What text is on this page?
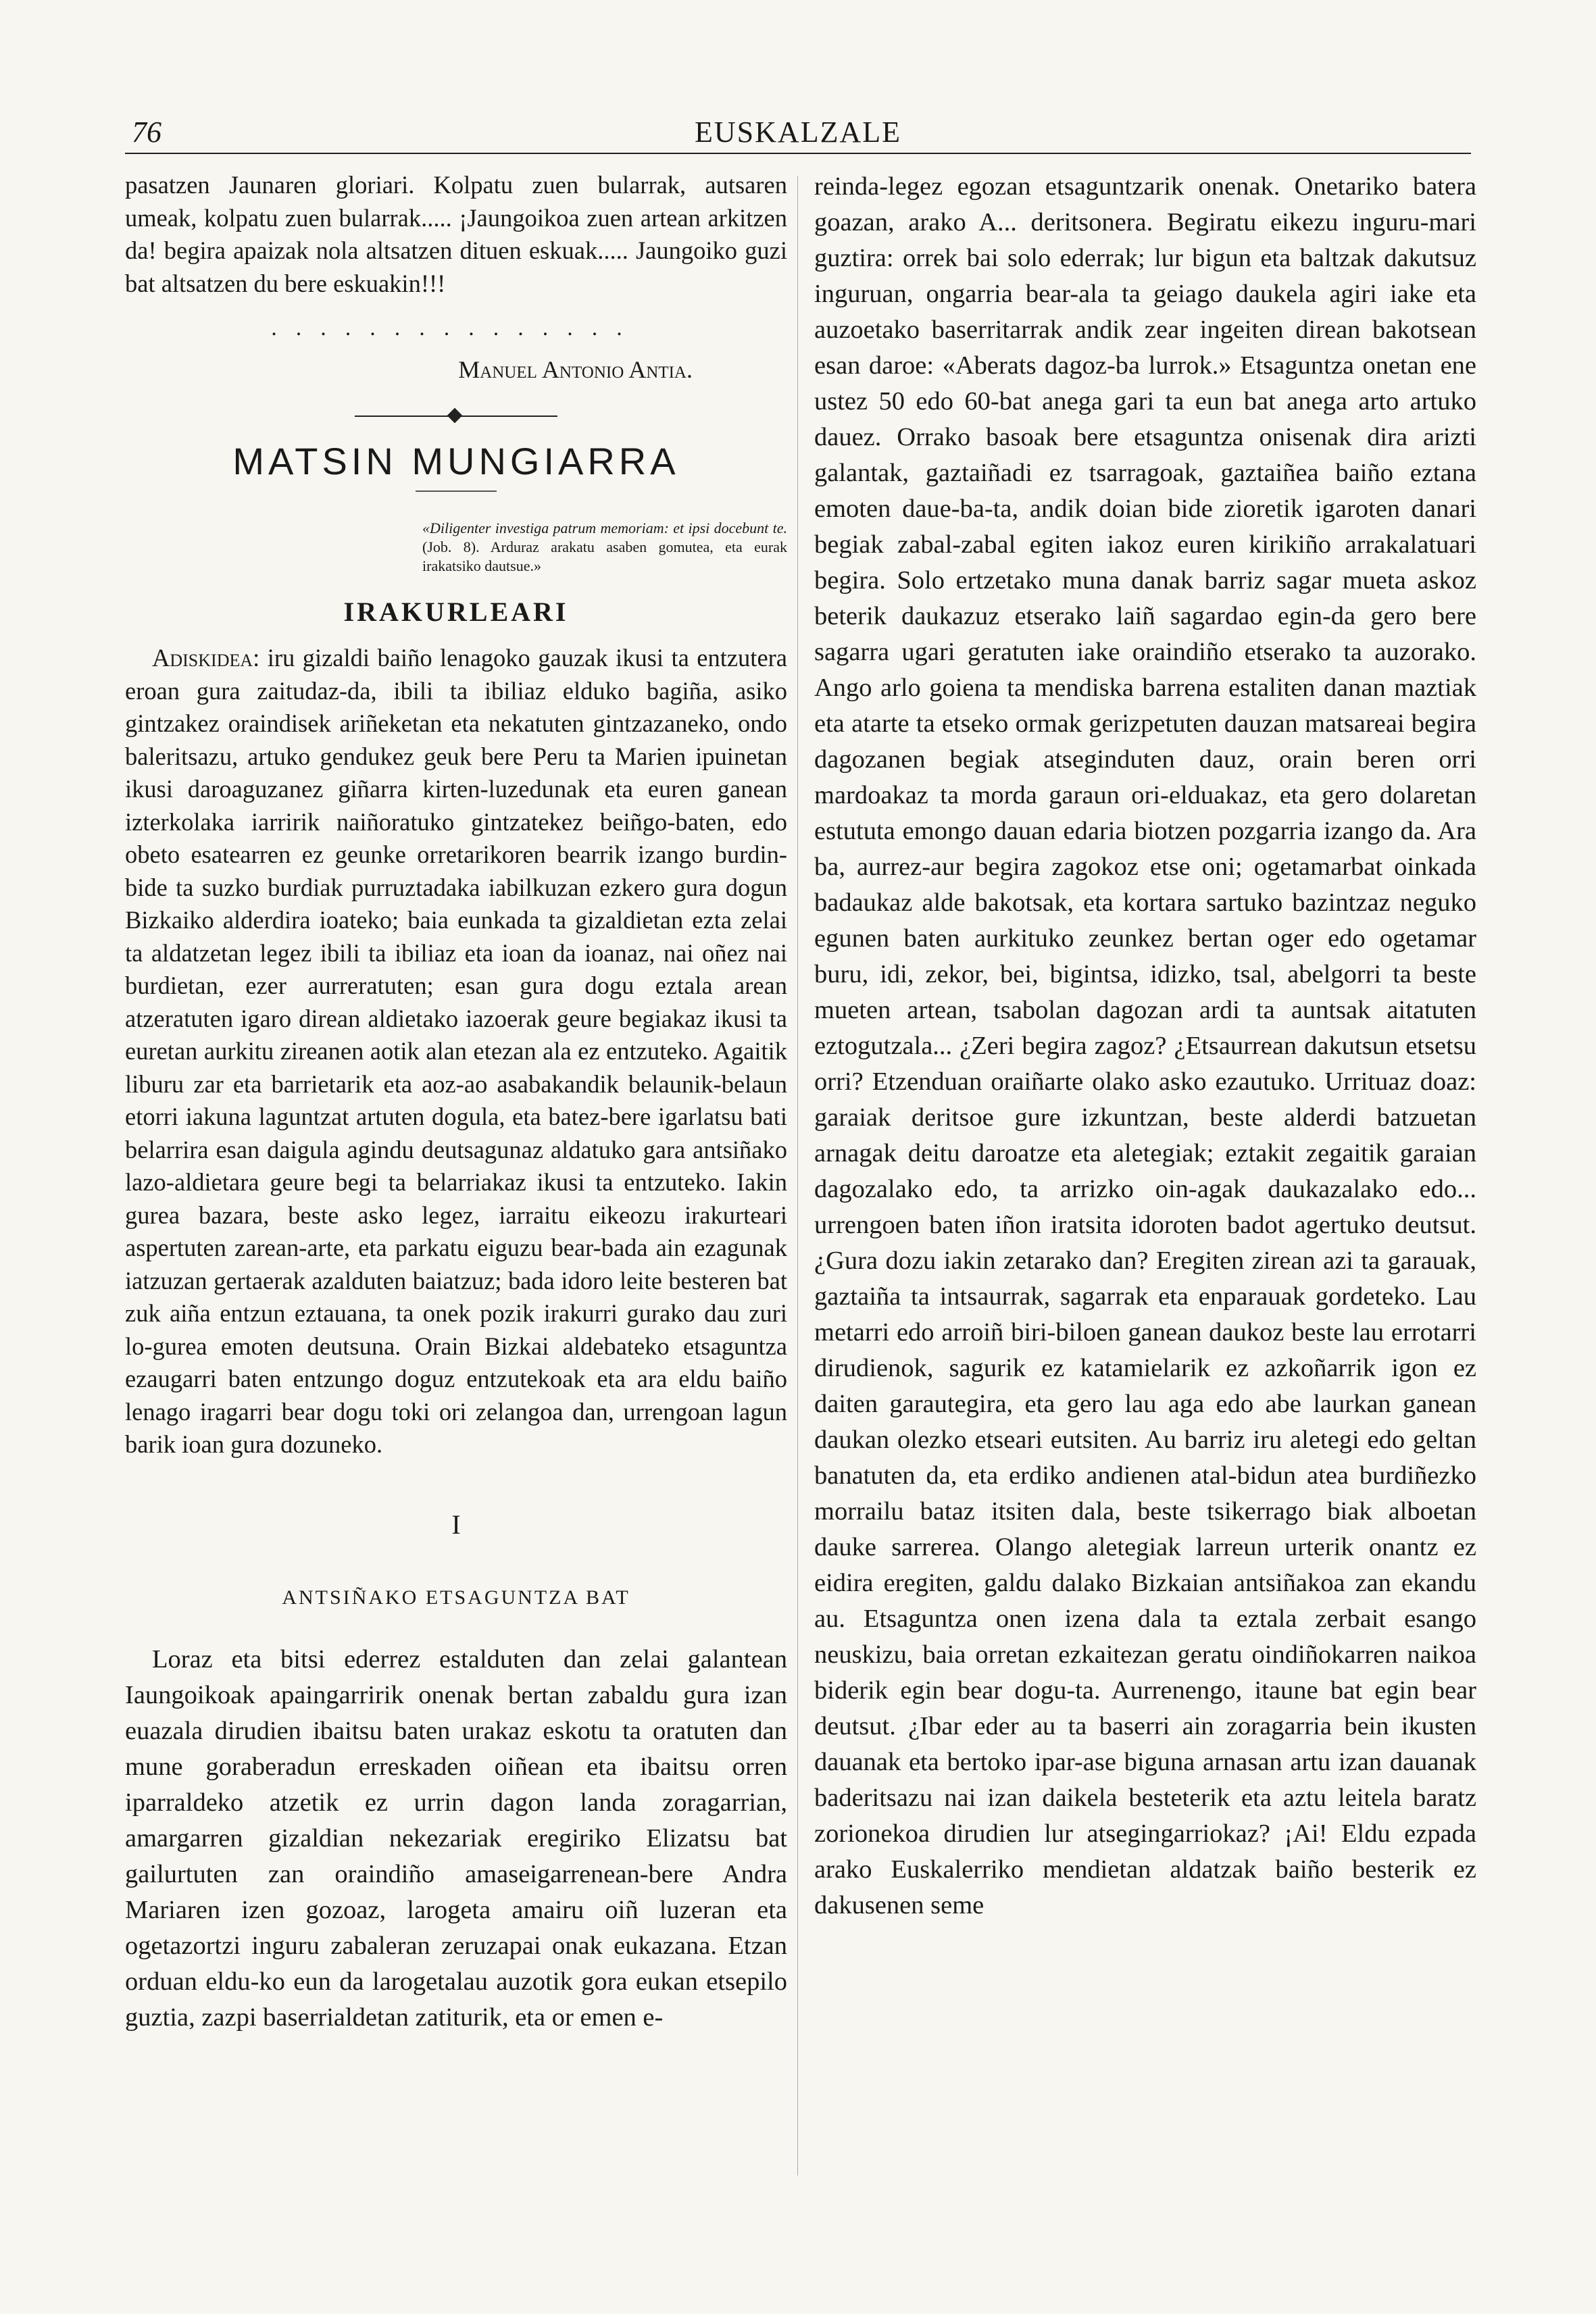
76	EUSKALZALE

pasatzen Jaunaren gloriari. Kolpatu zuen bularrak, autsaren umeak, kolpatu zuen bularrak..... ¡Jaungoikoa zuen artean arkitzen da! begira apaizak nola altsatzen dituen eskuak..... Jaungoiko guzi bat altsatzen du bere eskuakin!!!

...............
Manuel Antonio Antia.
MATSIN MUNGIARRA
«Diligenter investiga patrum memoriam: et ipsi docebunt te. (Job. 8). Arduraz arakatu asaben gomutea, eta eurak irakatsiko dautsue.»
IRAKURLEARI

Adiskidea: iru gizaldi baiño lenagoko gauzak ikusi ta entzutera eroan gura zaitudaz-da, ibili ta ibiliaz elduko bagiña, asiko gintzakez oraindisek ariñeketan eta nekatuten gintzazaneko, ondo baleritsazu, artuko gendukez geuk bere Peru ta Marien ipuinetan ikusi daroaguzanez giñarra kirten-luzedunak eta euren ganean izterkolaka iarririk naiñoratuko gintzatekez beiñgo-baten, edo obeto esatearren ez geunke orretarikoren bearrik izango burdin-bide ta suzko burdiak purruztadaka iabilkuzan ezkero gura dogun Bizkaiko alderdira ioateko; baia eunkada ta gizaldietan ezta zelai ta aldatzetan legez ibili ta ibiliaz eta ioan da ioanaz, nai oñez nai burdietan, ezer aurreratuten; esan gura dogu eztala arean atzeratuten igaro direan aldietako iazoerak geure begiakaz ikusi ta euretan aurkitu zireanen aotik alan etezan ala ez entzuteko. Agaitik liburu zar eta barrietarik eta aoz-ao asabakandik belaunik-belaun etorri iakuna laguntzat artuten dogula, eta batez-bere igarlatsu bati belarrira esan daigula agindu deutsagunaz aldatuko gara antsiñako lazo-aldietara geure begi ta belarriakaz ikusi ta entzuteko. Iakin gurea bazara, beste asko legez, iarraitu eikeozu irakurteari aspertuten zarean-arte, eta parkatu eiguzu bear-bada ain ezagunak iatzuzan gertaerak azalduten baiatzuz; bada idoro leite besteren bat zuk aiña entzun eztauana, ta onek pozik irakurri gurako dau zuri lo-gurea emoten deutsuna. Orain Bizkai aldebateko etsaguntza ezaugarri baten entzungo doguz entzutekoak eta ara eldu baiño lenago iragarri bear dogu toki ori zelangoa dan, urrengoan lagun barik ioan gura dozuneko.

I
ANTSIÑAKO ETSAGUNTZA BAT

Loraz eta bitsi ederrez estalduten dan zelai galantean Iaungoikoak apaingarririk onenak bertan zabaldu gura izan euazala dirudien ibaitsu baten urakaz eskotu ta oratuten dan mune goraberadun erreskaden oiñean eta ibaitsu orren iparraldeko atzetik ez urrin dagon landa zoragarrian, amargarren gizaldian nekezariak eregiriko Elizatsu bat gailurtuten zan oraindiño amaseigarrenean-bere Andra Mariaren izen gozoaz, larogeta amairu oiñ luzeran eta ogetazortzi inguru zabaleran zeruzapai onak eukazana. Etzan orduan eldu-ko eun da larogetalau auzotik gora eukan etsepilo guztia, zazpi baserrialdetan zatiturik, eta or emen e-

reinda-legez egozan etsaguntzarik onenak. Onetariko batera goazan, arako A... deritsonera. Begiratu eikezu inguru-mari guztira: orrek bai solo ederrak; lur bigun eta baltzak dakutsuz inguruan, ongarria bear-ala ta geiago daukela agiri iake eta auzoetako baserritarrak andik zear ingeiten direan bakotsean esan daroe: «Aberats dagoz-ba lurrok.» Etsaguntza onetan ene ustez 50 edo 60-bat anega gari ta eun bat anega arto artuko dauez. Orrako basoak bere etsaguntza onisenak dira arizti galantak, gaztaiñadi ez tsarragoak, gaztaiñea baiño eztana emoten daue-ba-ta, andik doian bide zioretik igaroten danari begiak zabal-zabal egiten iakoz euren kirikiño arrakalatuari begira. Solo ertzetako muna danak barriz sagar mueta askoz beterik daukazuz etserako laiñ sagardao egin-da gero bere sagarra ugari geratuten iake oraindiño etserako ta auzorako. Ango arlo goiena ta mendiska barrena estaliten danan maztiak eta atarte ta etseko ormak gerizpetuten dauzan matsareai begira dagozanen begiak atseginduten dauz, orain beren orri mardoakaz ta morda garaun ori-elduakaz, eta gero dolaretan estututa emongo dauan edaria biotzen pozgarria izango da. Ara ba, aurrez-aur begira zagokoz etse oni; ogetamarbat oinkada badaukaz alde bakotsak, eta kortara sartuko bazintzaz neguko egunen baten aurkituko zeunkez bertan oger edo ogetamar buru, idi, zekor, bei, bigintsa, idizko, tsal, abelgorri ta beste mueten artean, tsabolan dagozan ardi ta auntsak aitatuten eztogutzala... ¿Zeri begira zagoz? ¿Etsaurrean dakutsun etsetsu orri? Etzenduan oraiñarte olako asko ezautuko. Urrituaz doaz: garaiak deritsoe gure izkuntzan, beste alderdi batzuetan arnagak deitu daroatze eta aletegiak; eztakit zegaitik garaian dagozalako edo, ta arrizko oin-agak daukazalako edo... urrengoen baten iñon iratsita idoroten badot agertuko deutsut. ¿Gura dozu iakin zetarako dan? Eregiten zirean azi ta garauak, gaztaiña ta intsaurrak, sagarrak eta enparauak gordeteko. Lau metarri edo arroiñ biri-biloen ganean daukoz beste lau errotarri dirudienok, sagurik ez katamielarik ez azkoñarrik igon ez daiten garautegira, eta gero lau aga edo abe laurkan ganean daukan olezko etseari eutsiten. Au barriz iru aletegi edo geltan banatuten da, eta erdiko andienen atal-bidun atea burdiñezko morrailu bataz itsiten dala, beste tsikerrago biak alboetan dauke sarrerea. Olango aletegiak larreun urterik onantz ez eidira eregiten, galdu dalako Bizkaian antsiñakoa zan ekandu au. Etsaguntza onen izena dala ta eztala zerbait esango neuskizu, baia orretan ezkaitezan geratu oindiñokarren naikoa biderik egin bear dogu-ta. Aurrenengo, itaune bat egin bear deutsut. ¿Ibar eder au ta baserri ain zoragarria bein ikusten dauanak eta bertoko ipar-ase biguna arnasan artu izan dauanak baderitsazu nai izan daikela besteterik eta aztu leitela baratz zorionekoa dirudien lur atsegingarriokaz? ¡Ai! Eldu ezpada arako Euskalerriko mendietan aldatzak baiño besterik ez dakusenen seme
